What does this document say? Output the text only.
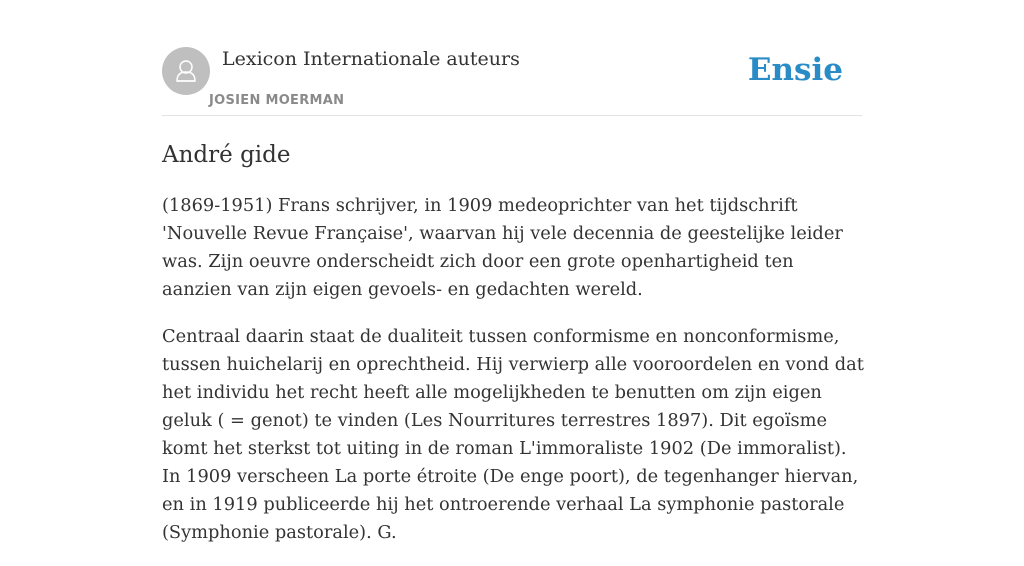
Lexicon Internationale auteurs
JOSIEN MOERMAN
Ensie
André gide

(1869-1951) Frans schrijver, in 1909 medeoprichter van het tijdschrift 'Nouvelle Revue Française', waarvan hij vele decennia de geestelijke leider was. Zijn oeuvre onderscheidt zich door een grote openhartigheid ten aanzien van zijn eigen gevoels- en gedachten wereld.

Centraal daarin staat de dualiteit tussen conformisme en nonconformisme, tussen huichelarij en oprechtheid. Hij verwierp alle vooroordelen en vond dat het individu het recht heeft alle mogelijkheden te benutten om zijn eigen geluk ( = genot) te vinden (Les Nourritures terrestres 1897). Dit egoïsme komt het sterkst tot uiting in de roman L'immoraliste 1902 (De immoralist). In 1909 verscheen La porte étroite (De enge poort), de tegenhanger hiervan, en in 1919 publiceerde hij het ontroerende verhaal La symphonie pastorale (Symphonie pastorale). G.
